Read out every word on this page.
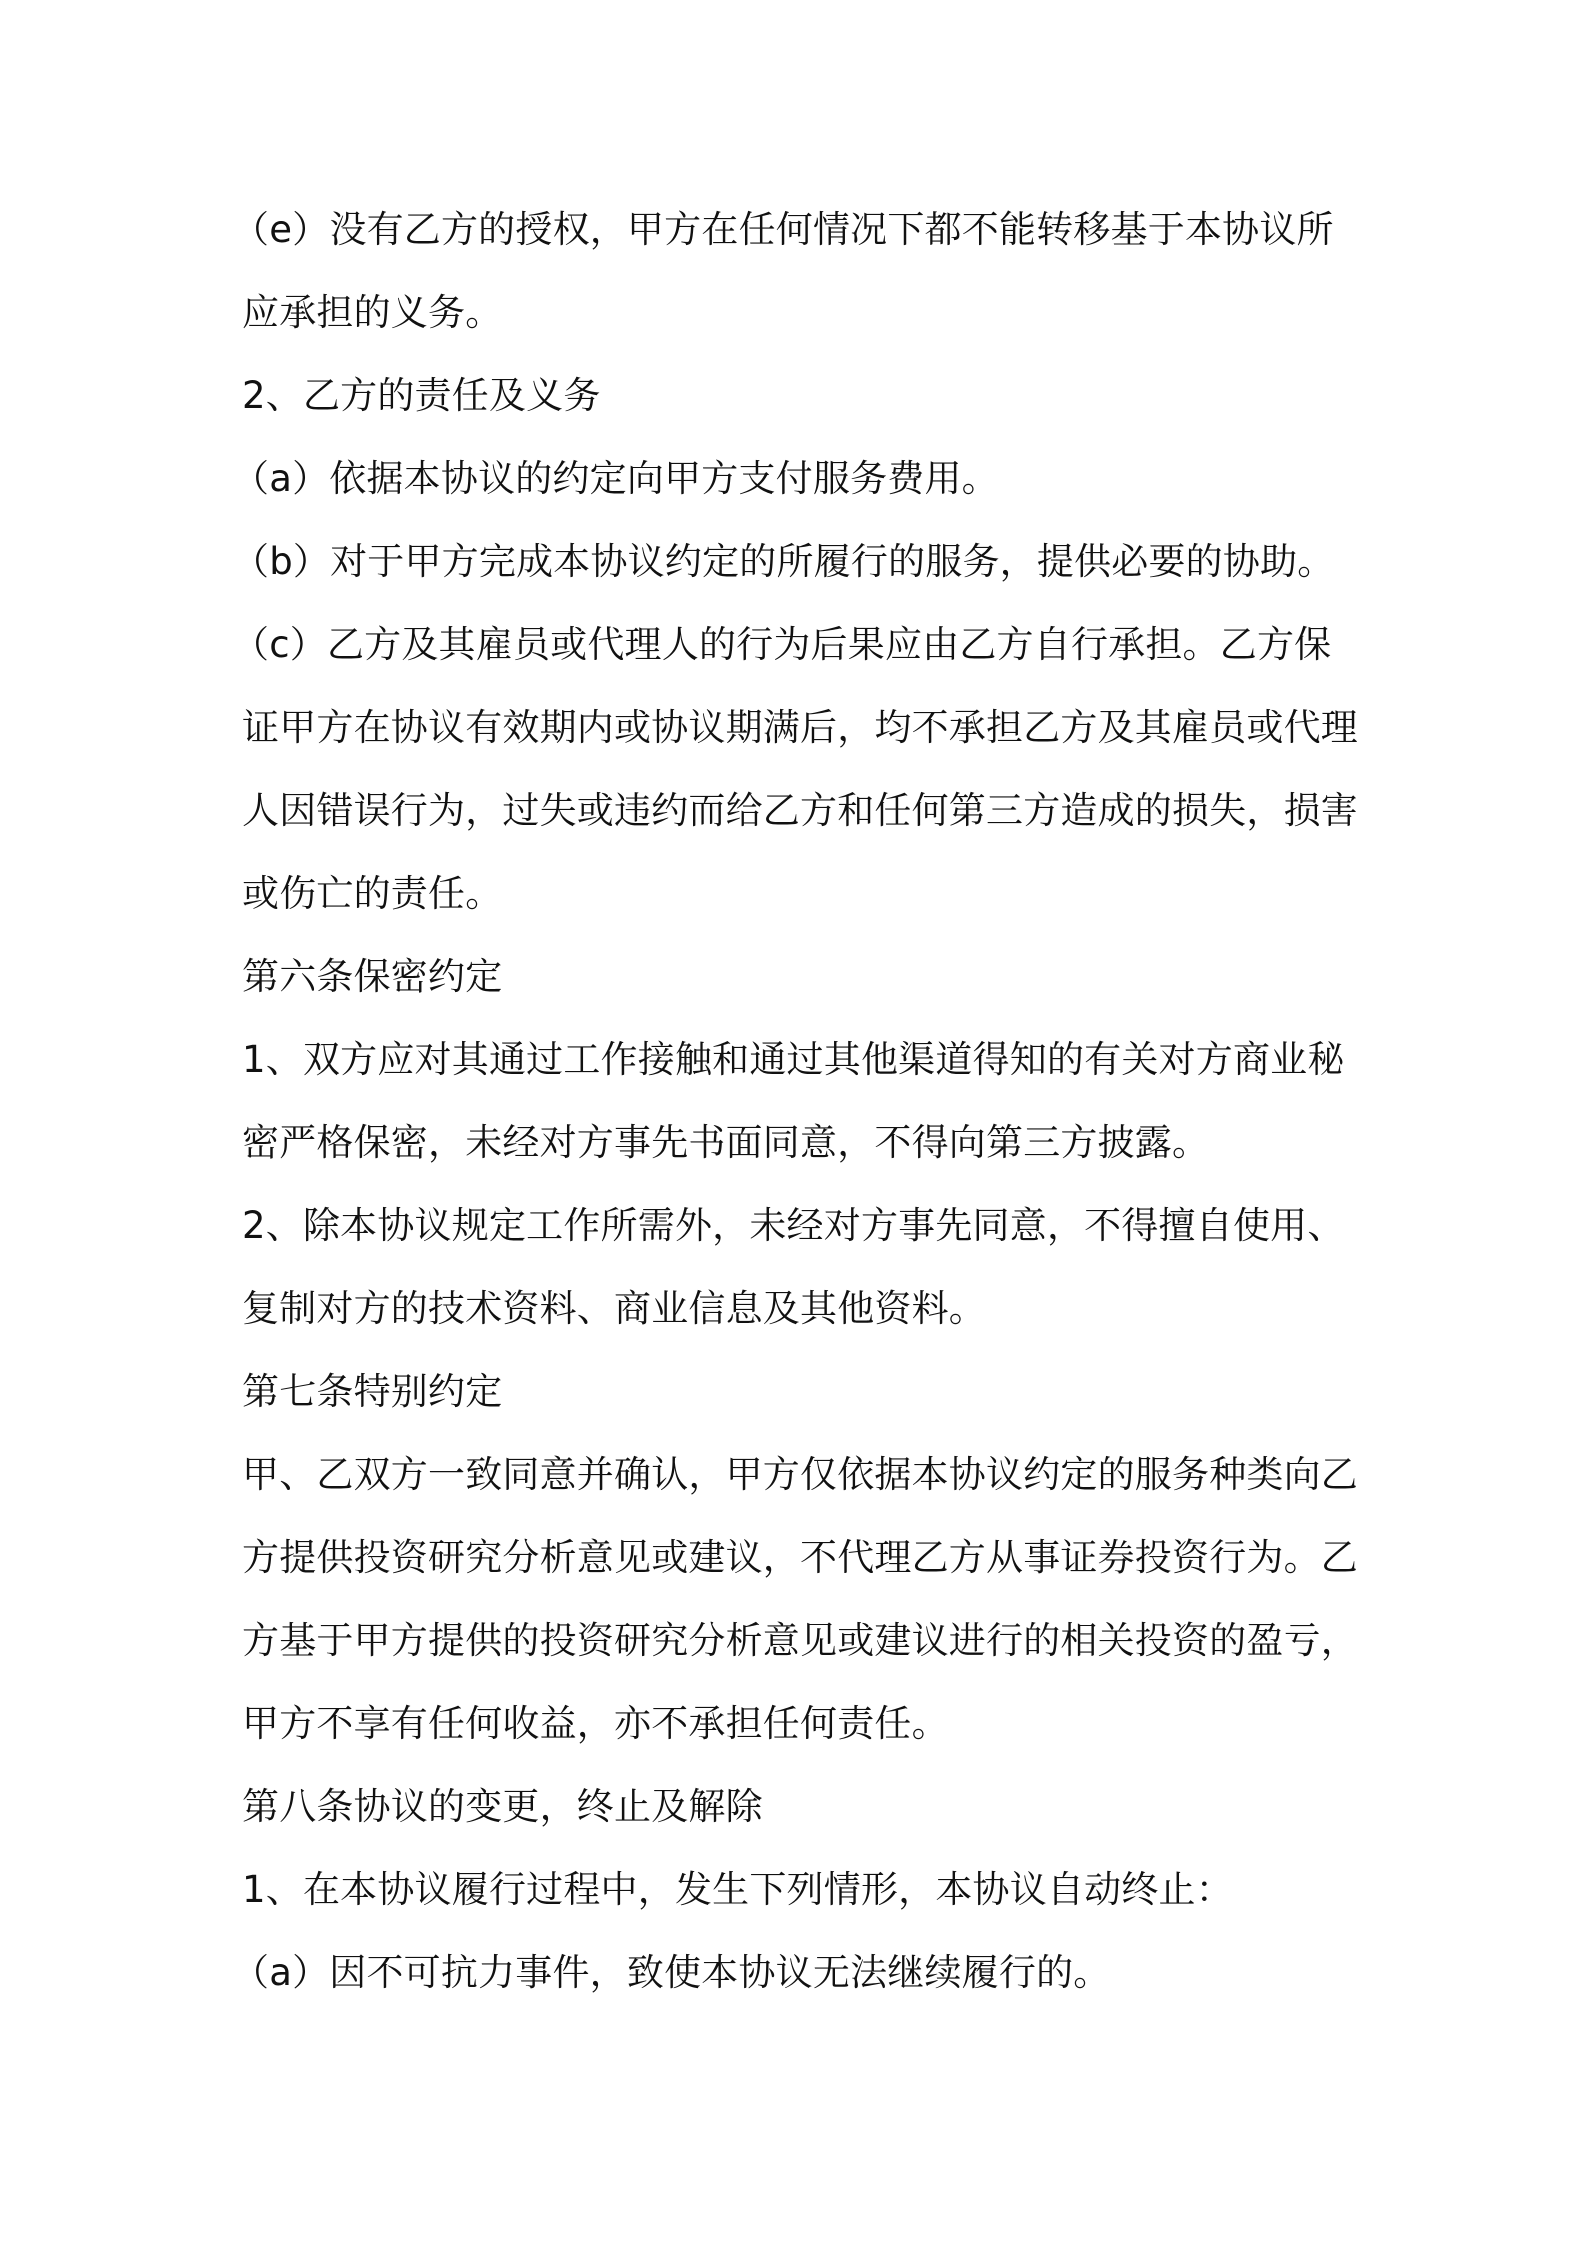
（e）没有乙方的授权，甲方在任何情况下都不能转移基于本协议所
应承担的义务。
2、乙方的责任及义务
（a）依据本协议的约定向甲方支付服务费用。
（b）对于甲方完成本协议约定的所履行的服务，提供必要的协助。
（c）乙方及其雇员或代理人的行为后果应由乙方自行承担。乙方保
证甲方在协议有效期内或协议期满后，均不承担乙方及其雇员或代理
人因错误行为，过失或违约而给乙方和任何第三方造成的损失，损害
或伤亡的责任。
第六条保密约定
1、双方应对其通过工作接触和通过其他渠道得知的有关对方商业秘
密严格保密，未经对方事先书面同意，不得向第三方披露。
2、除本协议规定工作所需外，未经对方事先同意，不得擅自使用、
复制对方的技术资料、商业信息及其他资料。
第七条特别约定
甲、乙双方一致同意并确认，甲方仅依据本协议约定的服务种类向乙
方提供投资研究分析意见或建议，不代理乙方从事证券投资行为。乙
方基于甲方提供的投资研究分析意见或建议进行的相关投资的盈亏，
甲方不享有任何收益，亦不承担任何责任。
第八条协议的变更，终止及解除
1、在本协议履行过程中，发生下列情形，本协议自动终止：
（a）因不可抗力事件，致使本协议无法继续履行的。
